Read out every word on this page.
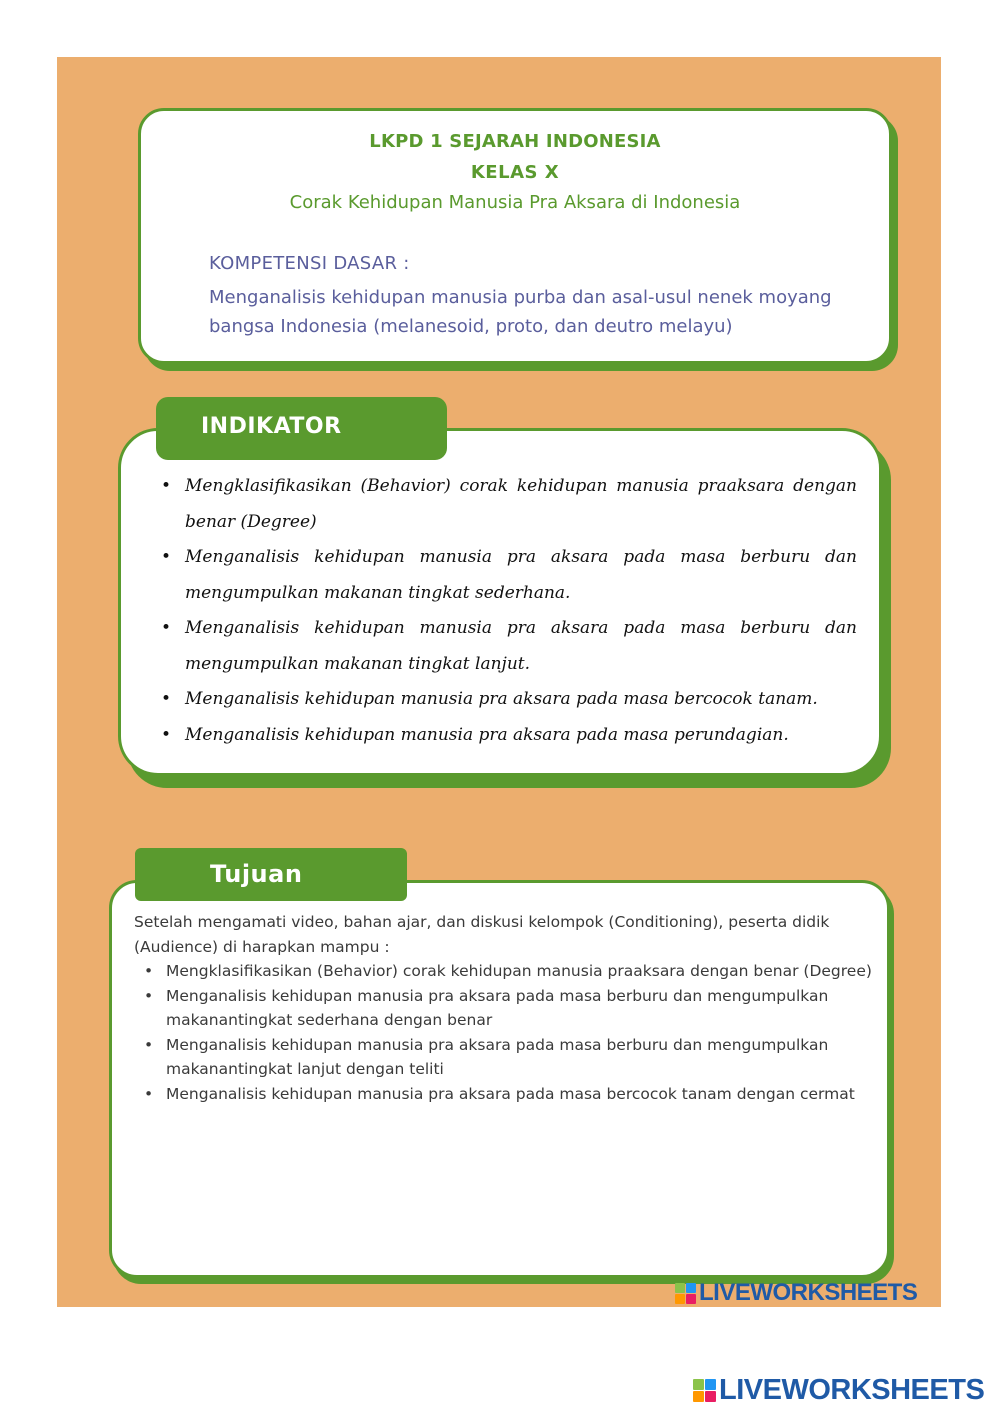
LKPD 1 SEJARAH INDONESIA
KELAS X
Corak Kehidupan Manusia Pra Aksara di Indonesia
KOMPETENSI DASAR :
Menganalisis kehidupan manusia purba dan asal-usul nenek moyang bangsa Indonesia (melanesoid, proto, dan deutro melayu)
INDIKATOR
• Mengklasifikasikan (Behavior) corak kehidupan manusia praaksara dengan benar (Degree)
• Menganalisis kehidupan manusia pra aksara pada masa berburu dan mengumpulkan makanan tingkat sederhana.
• Menganalisis kehidupan manusia pra aksara pada masa berburu dan mengumpulkan makanan tingkat lanjut.
• Menganalisis kehidupan manusia pra aksara pada masa bercocok tanam.
• Menganalisis kehidupan manusia pra aksara pada masa perundagian.
Tujuan
Setelah mengamati video, bahan ajar, dan diskusi kelompok (Conditioning), peserta didik (Audience) di harapkan mampu :
• Mengklasifikasikan (Behavior) corak kehidupan manusia praaksara dengan benar (Degree)
• Menganalisis kehidupan manusia pra aksara pada masa berburu dan mengumpulkan makanantingkat sederhana dengan benar
• Menganalisis kehidupan manusia pra aksara pada masa berburu dan mengumpulkan makanantingkat lanjut dengan teliti
• Menganalisis kehidupan manusia pra aksara pada masa bercocok tanam dengan cermat
LIVEWORKSHEETS
LIVEWORKSHEETS
